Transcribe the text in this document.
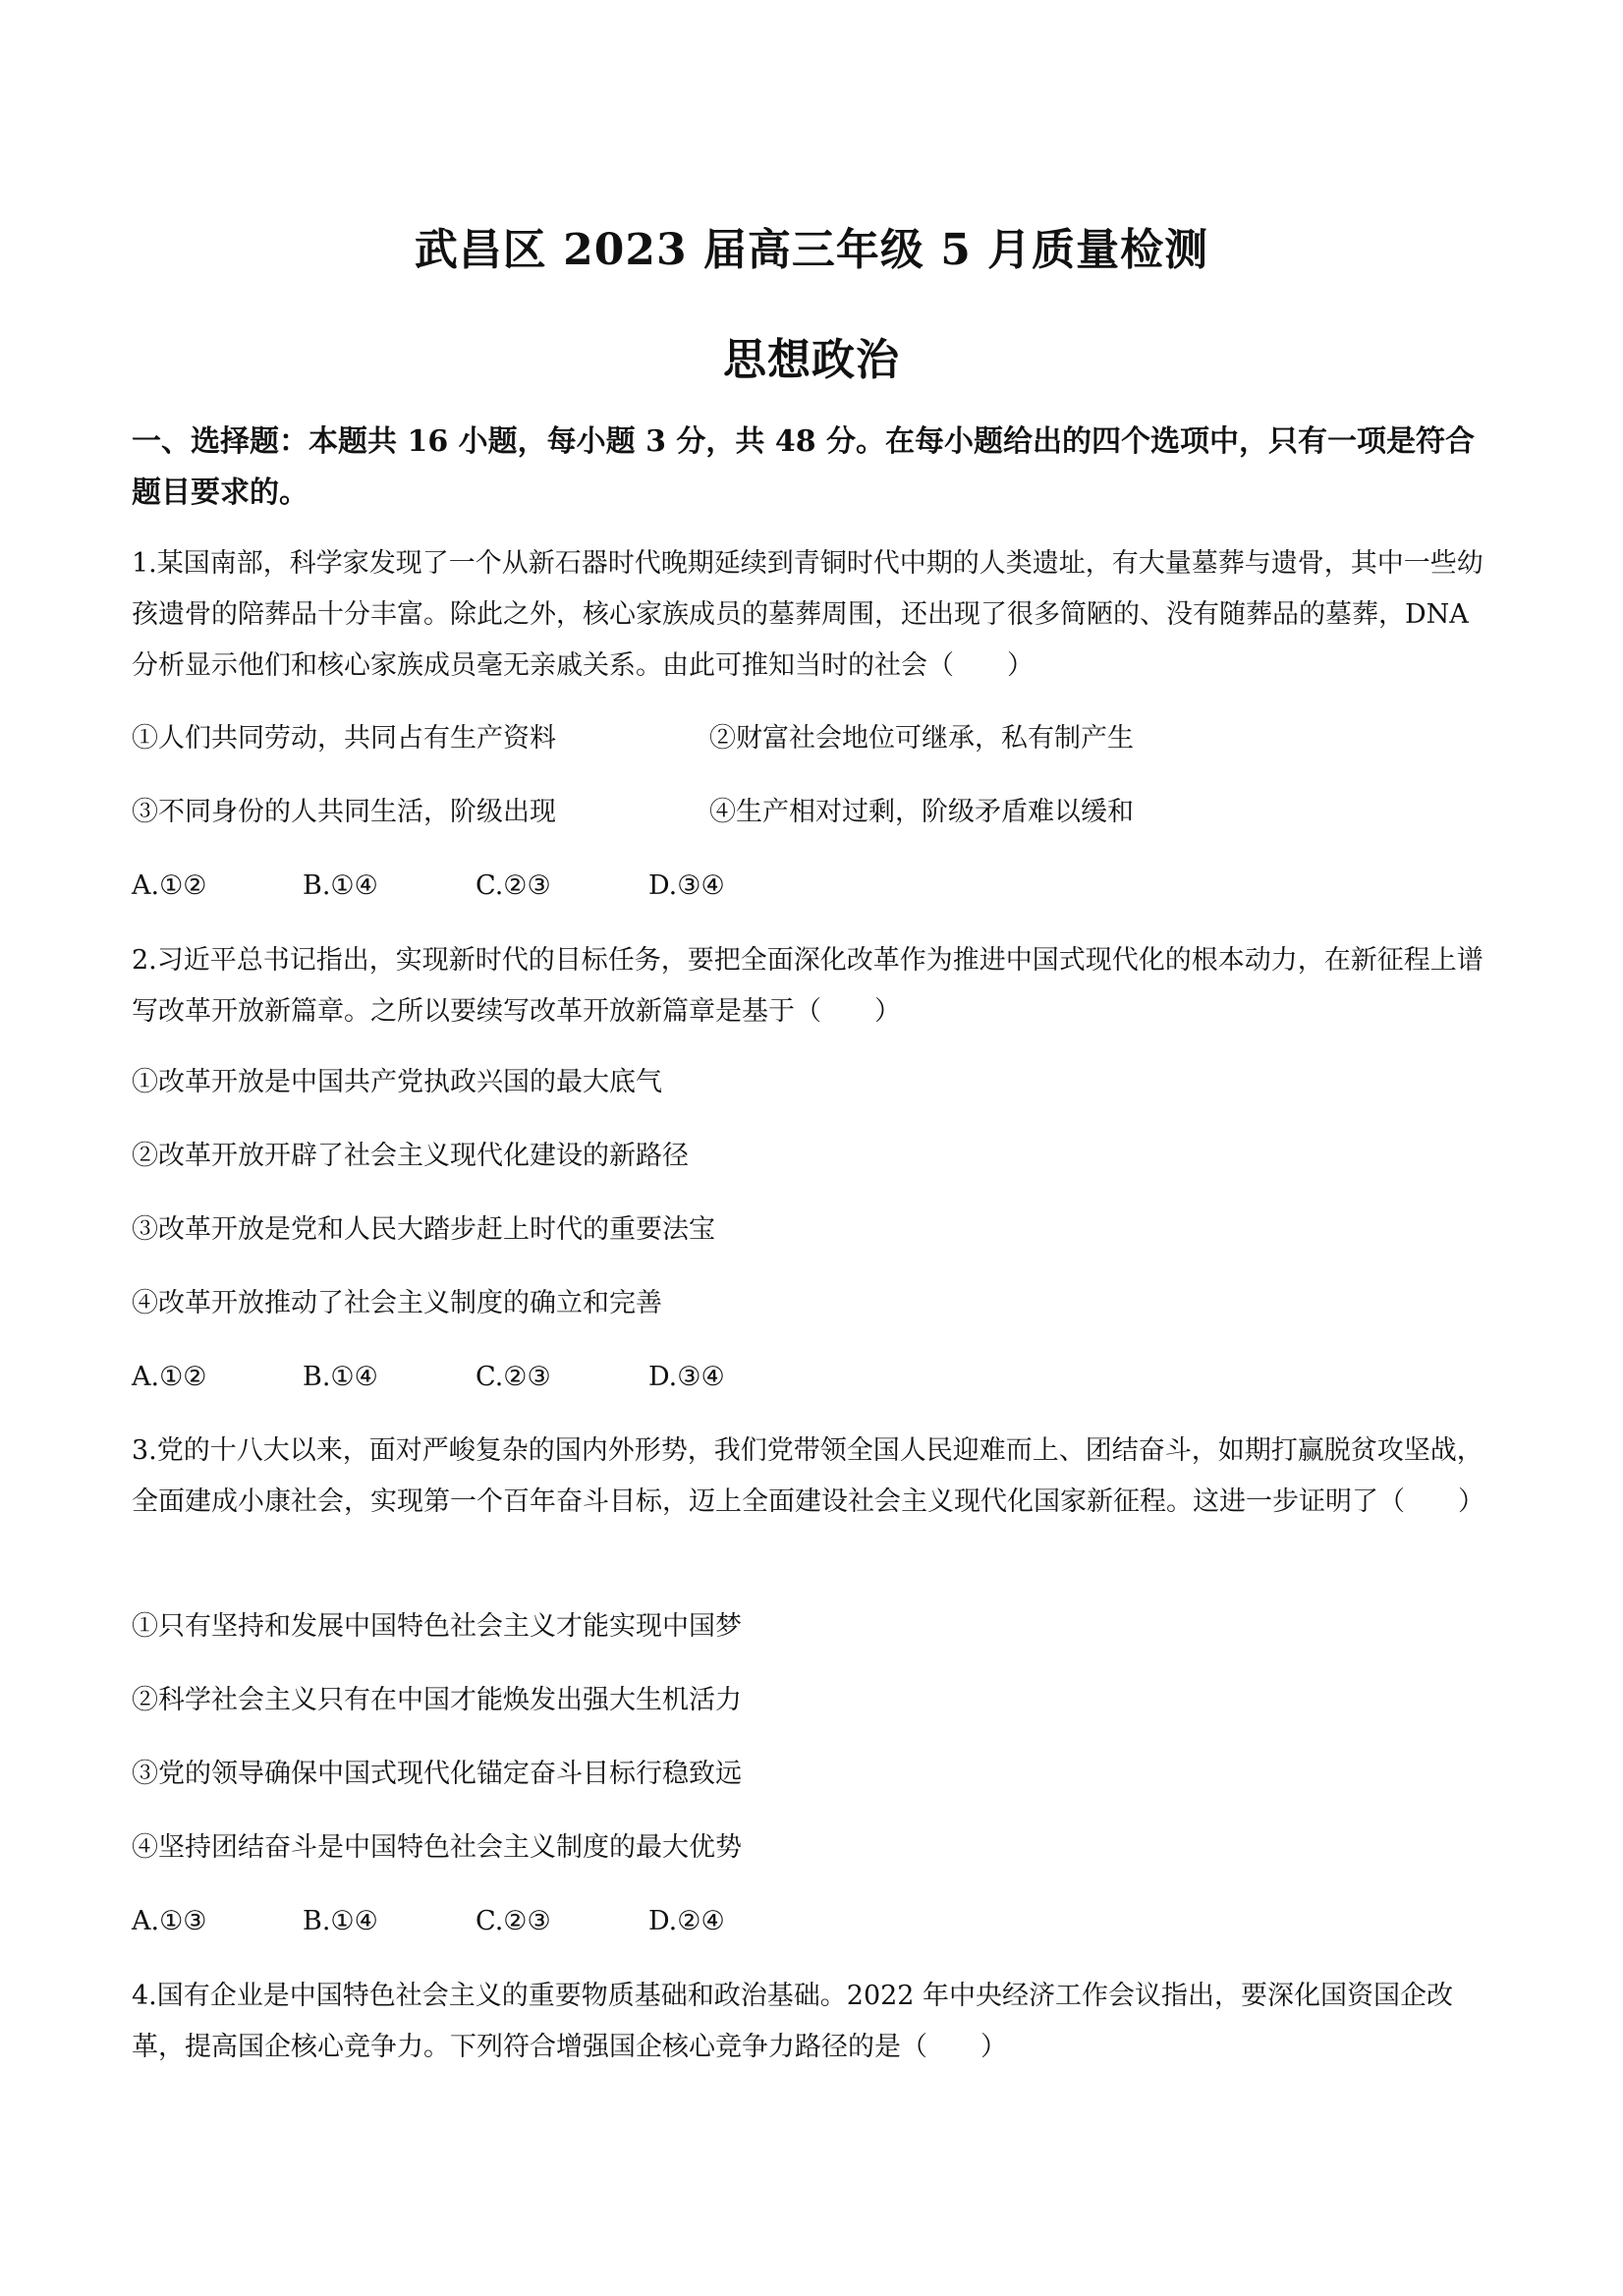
武昌区 2023 届高三年级 5 月质量检测
思想政治
一、选择题：本题共 16 小题，每小题 3 分，共 48 分。在每小题给出的四个选项中，只有一项是符合题目要求的。
1.某国南部，科学家发现了一个从新石器时代晚期延续到青铜时代中期的人类遗址，有大量墓葬与遗骨，其中一些幼孩遗骨的陪葬品十分丰富。除此之外，核心家族成员的墓葬周围，还出现了很多简陋的、没有随葬品的墓葬，DNA 分析显示他们和核心家族成员毫无亲戚关系。由此可推知当时的社会（　　）
①人们共同劳动，共同占有生产资料	②财富社会地位可继承，私有制产生
③不同身份的人共同生活，阶级出现	④生产相对过剩，阶级矛盾难以缓和
A.①②	B.①④	C.②③	D.③④
2.习近平总书记指出，实现新时代的目标任务，要把全面深化改革作为推进中国式现代化的根本动力，在新征程上谱写改革开放新篇章。之所以要续写改革开放新篇章是基于（　　）
①改革开放是中国共产党执政兴国的最大底气
②改革开放开辟了社会主义现代化建设的新路径
③改革开放是党和人民大踏步赶上时代的重要法宝
④改革开放推动了社会主义制度的确立和完善
A.①②	B.①④	C.②③	D.③④
3.党的十八大以来，面对严峻复杂的国内外形势，我们党带领全国人民迎难而上、团结奋斗，如期打赢脱贫攻坚战，全面建成小康社会，实现第一个百年奋斗目标，迈上全面建设社会主义现代化国家新征程。这进一步证明了（　　）
①只有坚持和发展中国特色社会主义才能实现中国梦
②科学社会主义只有在中国才能焕发出强大生机活力
③党的领导确保中国式现代化锚定奋斗目标行稳致远
④坚持团结奋斗是中国特色社会主义制度的最大优势
A.①③	B.①④	C.②③	D.②④
4.国有企业是中国特色社会主义的重要物质基础和政治基础。2022 年中央经济工作会议指出，要深化国资国企改革，提高国企核心竞争力。下列符合增强国企核心竞争力路径的是（　　）
